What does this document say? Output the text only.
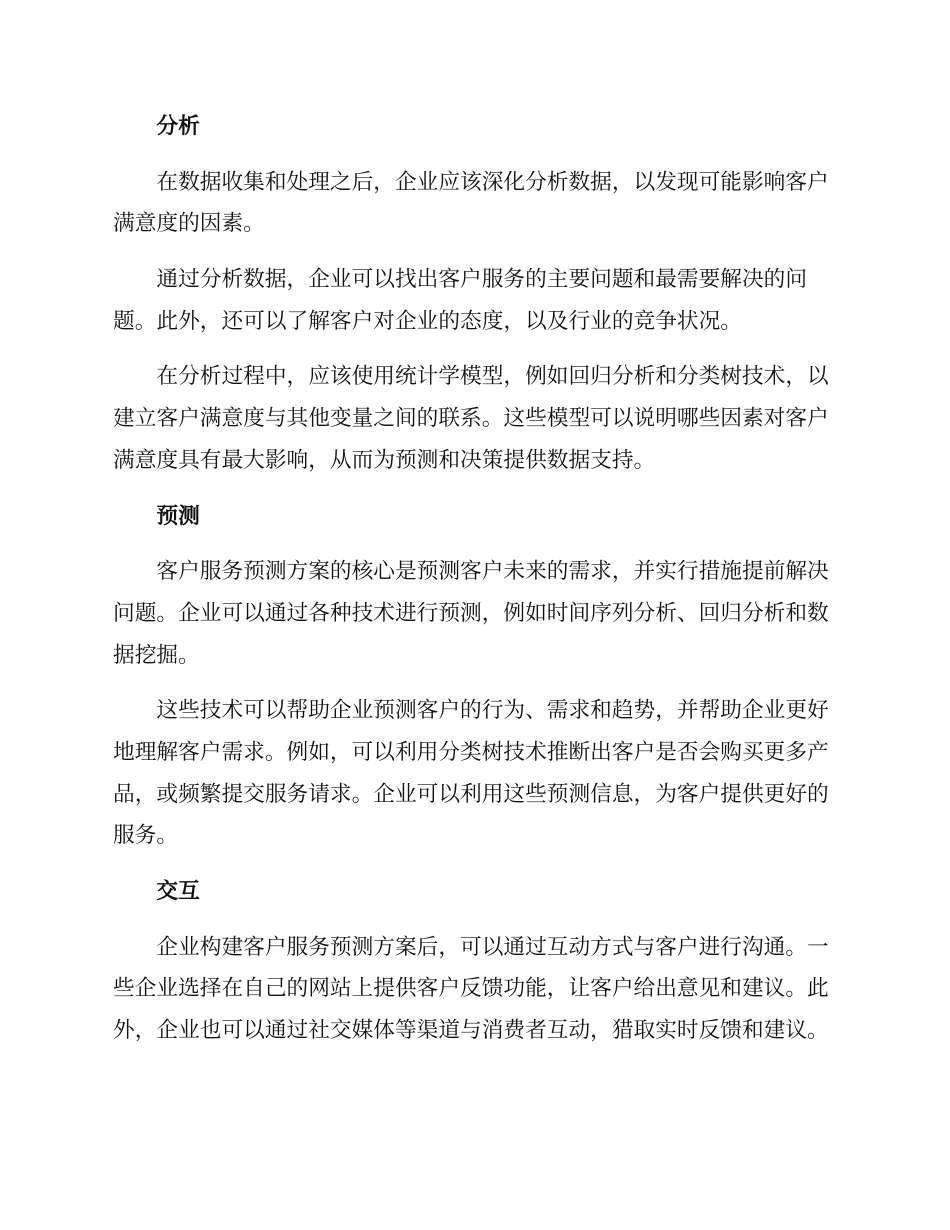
分析
在数据收集和处理之后，企业应该深化分析数据，以发现可能影响客户
满意度的因素。
通过分析数据，企业可以找出客户服务的主要问题和最需要解决的问
题。此外，还可以了解客户对企业的态度，以及行业的竞争状况。
在分析过程中，应该使用统计学模型，例如回归分析和分类树技术，以
建立客户满意度与其他变量之间的联系。这些模型可以说明哪些因素对客户
满意度具有最大影响，从而为预测和决策提供数据支持。
预测
客户服务预测方案的核心是预测客户未来的需求，并实行措施提前解决
问题。企业可以通过各种技术进行预测，例如时间序列分析、回归分析和数
据挖掘。
这些技术可以帮助企业预测客户的行为、需求和趋势，并帮助企业更好
地理解客户需求。例如，可以利用分类树技术推断出客户是否会购买更多产
品，或频繁提交服务请求。企业可以利用这些预测信息，为客户提供更好的
服务。
交互
企业构建客户服务预测方案后，可以通过互动方式与客户进行沟通。一
些企业选择在自己的网站上提供客户反馈功能，让客户给出意见和建议。此
外，企业也可以通过社交媒体等渠道与消费者互动，猎取实时反馈和建议。
